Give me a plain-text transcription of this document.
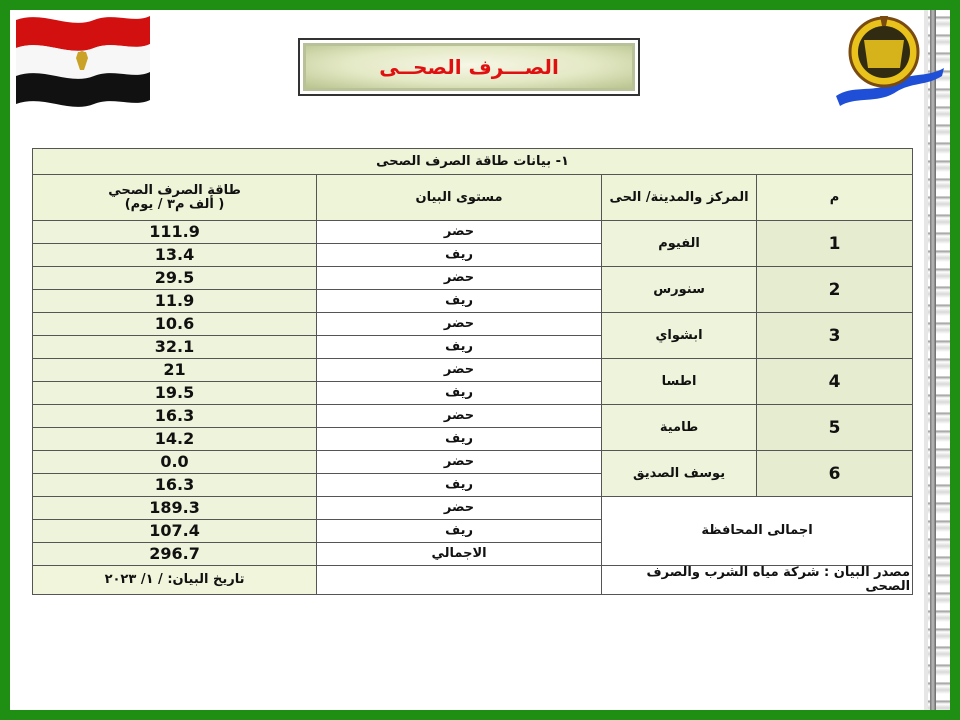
الصـــرف الصحــى
١- بيانات طاقة الصرف الصحى			
م	المركز والمدينة/ الحى	مستوى البيان	طاقة الصرف الصحي
( ألف م٣ / يوم)

1	الفيوم	حضر	111.9
		ريف	13.4
2	سنورس	حضر	29.5
		ريف	11.9
3	ابشواي	حضر	10.6
		ريف	32.1
4	اطسا	حضر	21
		ريف	19.5
5	طامية	حضر	16.3
		ريف	14.2
6	يوسف الصديق	حضر	0.0
		ريف	16.3
اجمالى المحافظة		حضر	189.3
		ريف	107.4
		الاجمالي	296.7
مصدر البيان : شركة مياه الشرب والصرف الصحى			تاريخ البيان: / ١/ ٢٠٢٣
